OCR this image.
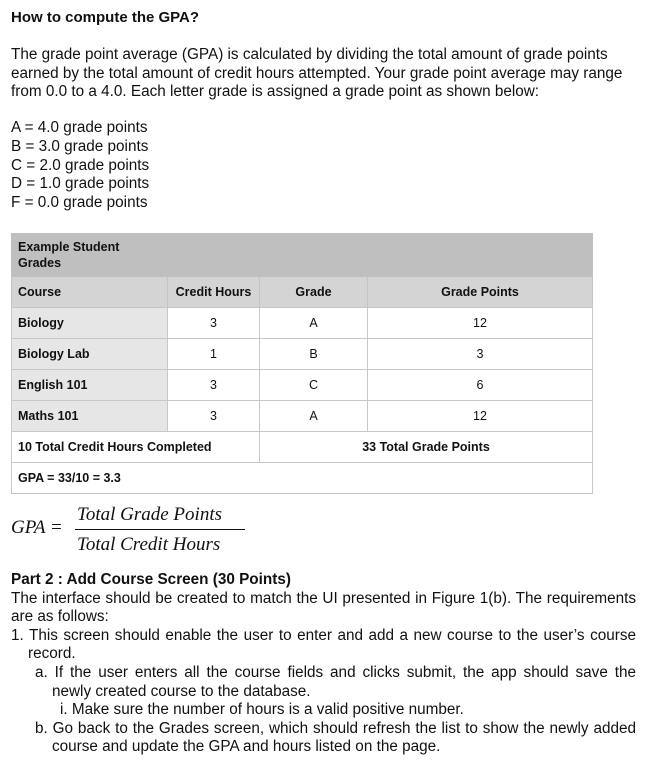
How to compute the GPA?
The grade point average (GPA) is calculated by dividing the total amount of grade points earned by the total amount of credit hours attempted. Your grade point average may range from 0.0 to a 4.0. Each letter grade is assigned a grade point as shown below:
A = 4.0 grade points
B = 3.0 grade points
C = 2.0 grade points
D = 1.0 grade points
F = 0.0 grade points
Example Student
Grades			

Course	Credit Hours	Grade	Grade Points
Biology	3	A	12
Biology Lab	1	B	3
English 101	3	C	6
Maths 101	3	A	12
10 Total Credit Hours Completed		33 Total Grade Points	
GPA = 33/10 = 3.3			
GPA =
Total Grade Points
Total Credit Hours
Part 2 : Add Course Screen (30 Points)
The interface should be created to match the UI presented in Figure 1(b). The requirements are as follows:
1. This screen should enable the user to enter and add a new course to the user’s course record.
a. If the user enters all the course fields and clicks submit, the app should save the newly created course to the database.
i. Make sure the number of hours is a valid positive number.
b. Go back to the Grades screen, which should refresh the list to show the newly added course and update the GPA and hours listed on the page.
